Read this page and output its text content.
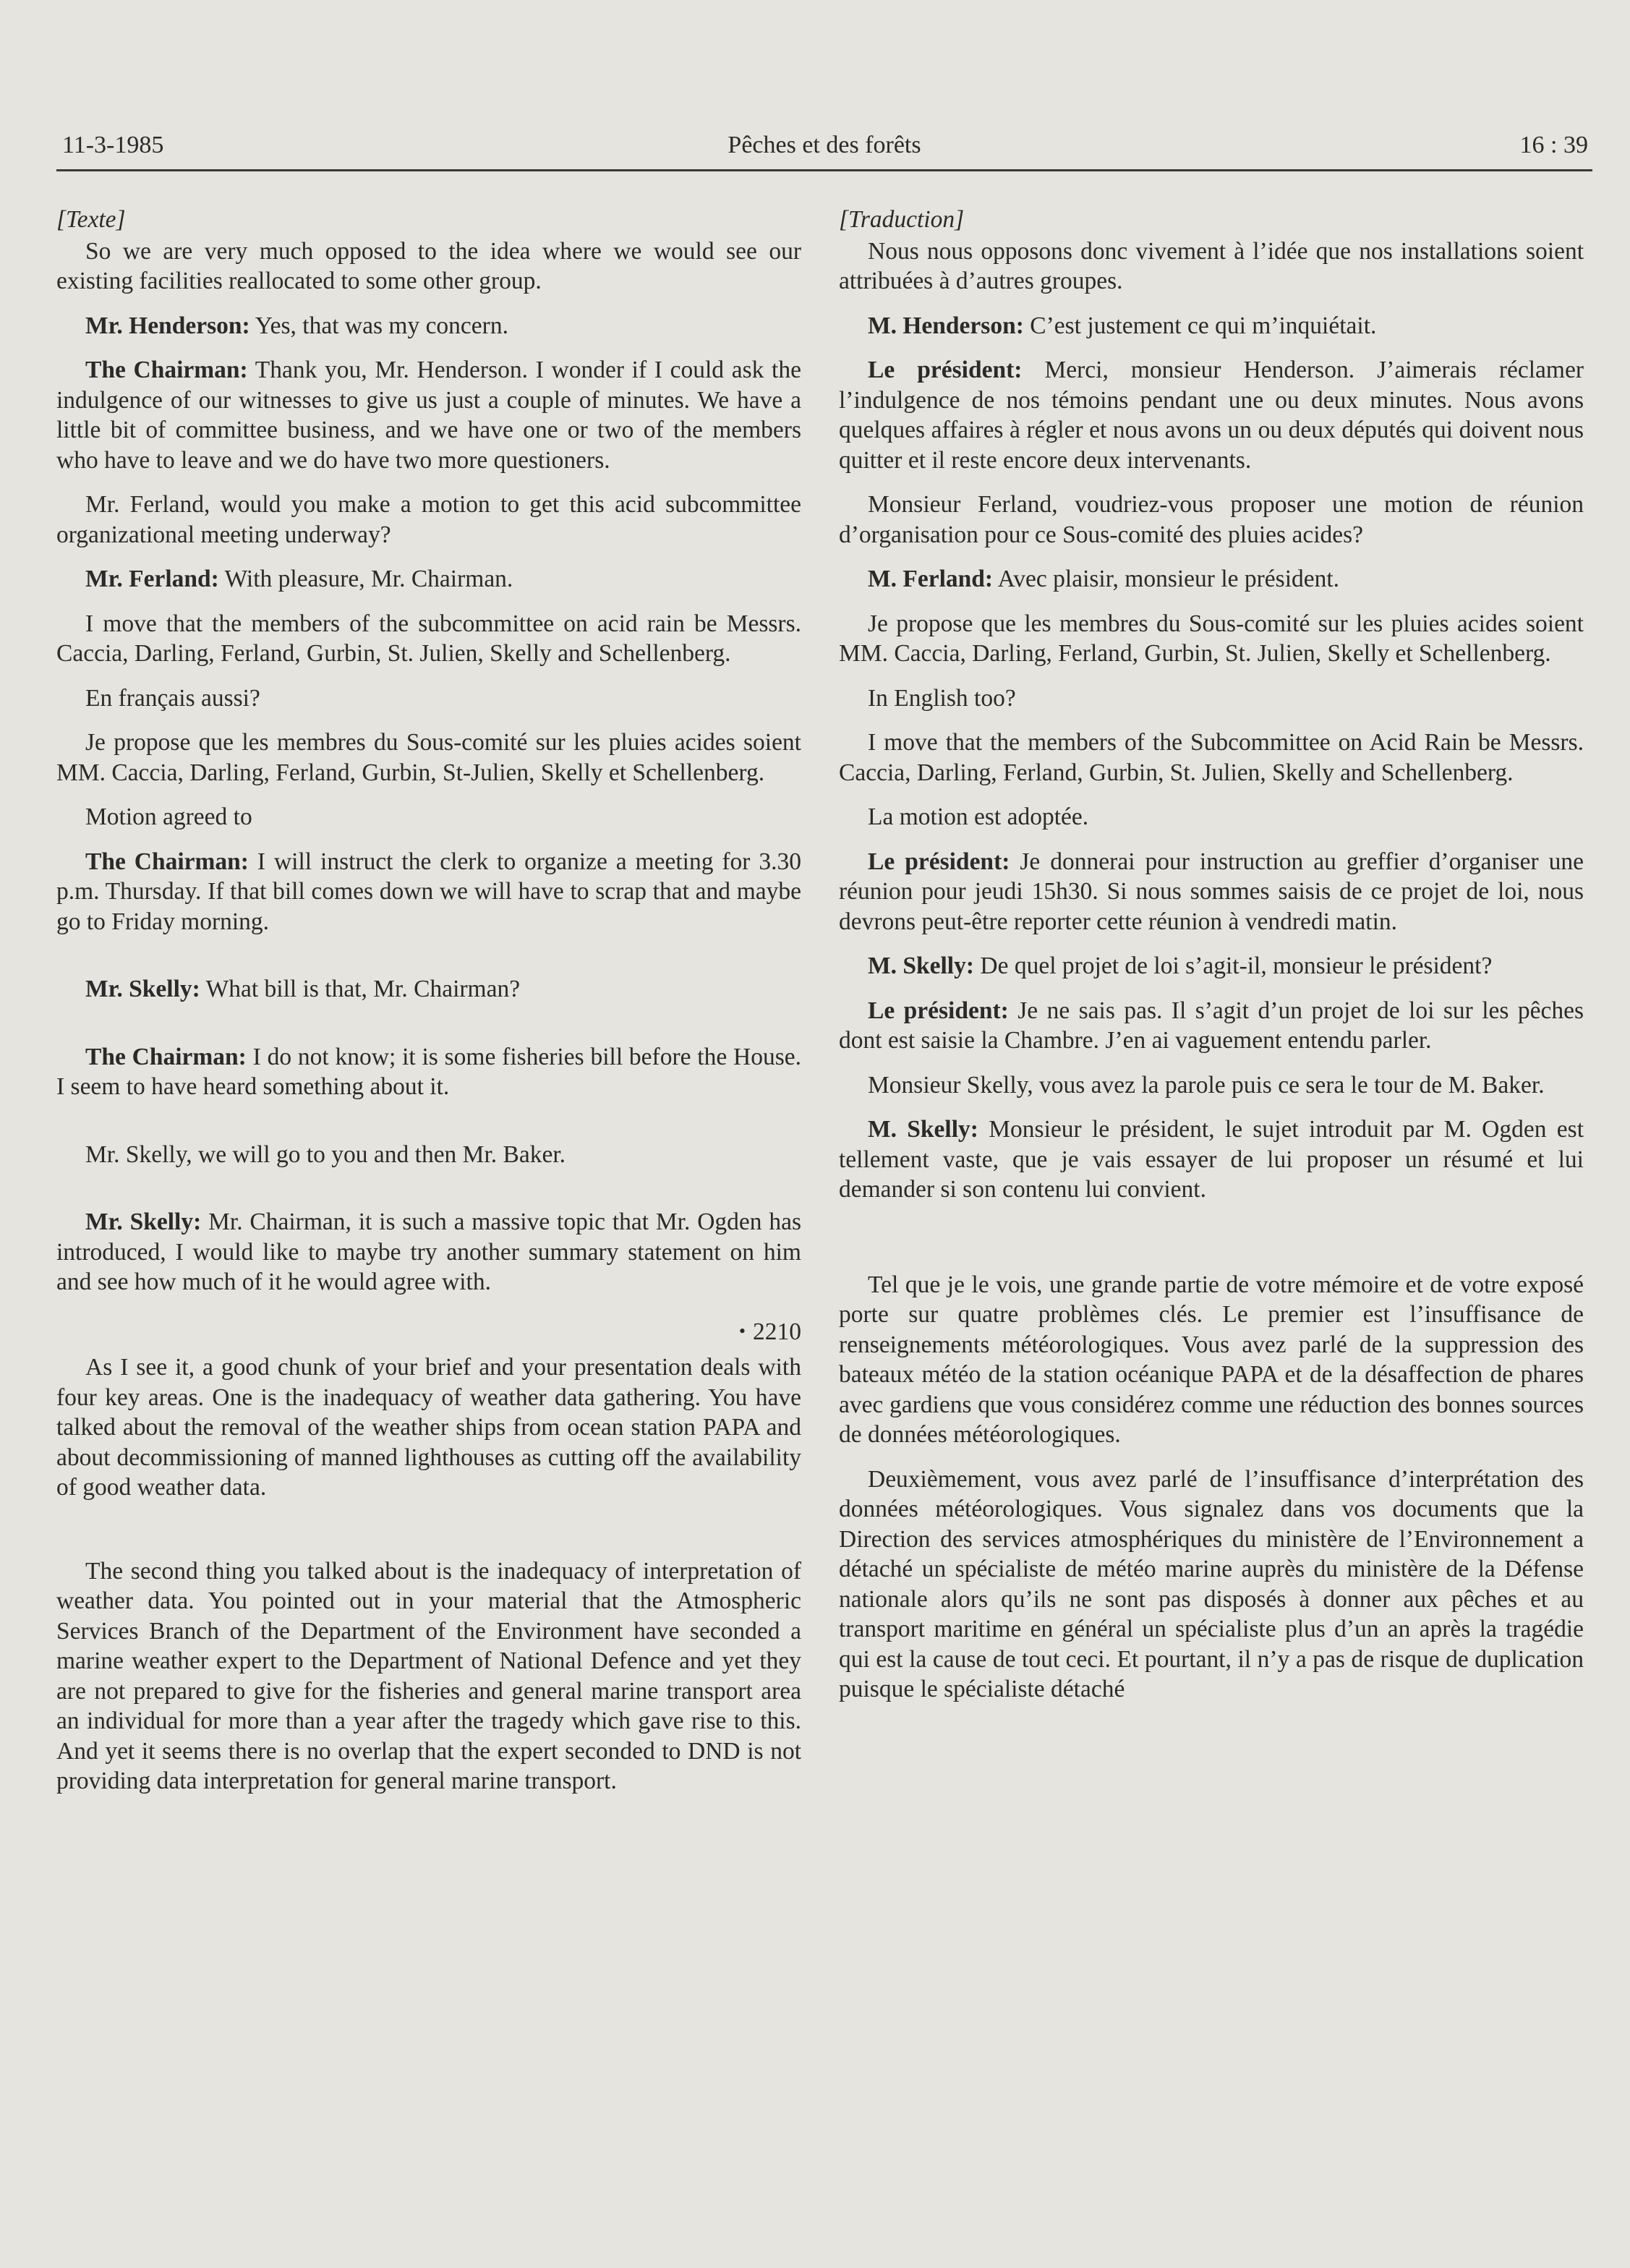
11-3-1985	Pêches et des forêts	16 : 39

[Texte]

So we are very much opposed to the idea where we would see our existing facilities reallocated to some other group.

Mr. Henderson: Yes, that was my concern.

The Chairman: Thank you, Mr. Henderson. I wonder if I could ask the indulgence of our witnesses to give us just a couple of minutes. We have a little bit of committee business, and we have one or two of the members who have to leave and we do have two more questioners.

Mr. Ferland, would you make a motion to get this acid subcommittee organizational meeting underway?

Mr. Ferland: With pleasure, Mr. Chairman.

I move that the members of the subcommittee on acid rain be Messrs. Caccia, Darling, Ferland, Gurbin, St. Julien, Skelly and Schellenberg.

En français aussi?

Je propose que les membres du Sous-comité sur les pluies acides soient MM. Caccia, Darling, Ferland, Gurbin, St-Julien, Skelly et Schellenberg.

Motion agreed to

The Chairman: I will instruct the clerk to organize a meeting for 3.30 p.m. Thursday. If that bill comes down we will have to scrap that and maybe go to Friday morning.

Mr. Skelly: What bill is that, Mr. Chairman?

The Chairman: I do not know; it is some fisheries bill before the House. I seem to have heard something about it.

Mr. Skelly, we will go to you and then Mr. Baker.

Mr. Skelly: Mr. Chairman, it is such a massive topic that Mr. Ogden has introduced, I would like to maybe try another summary statement on him and see how much of it he would agree with.

• 2210

As I see it, a good chunk of your brief and your presentation deals with four key areas. One is the inadequacy of weather data gathering. You have talked about the removal of the weather ships from ocean station PAPA and about decommissioning of manned lighthouses as cutting off the availability of good weather data.

The second thing you talked about is the inadequacy of interpretation of weather data. You pointed out in your material that the Atmospheric Services Branch of the Department of the Environment have seconded a marine weather expert to the Department of National Defence and yet they are not prepared to give for the fisheries and general marine transport area an individual for more than a year after the tragedy which gave rise to this. And yet it seems there is no overlap that the expert seconded to DND is not providing data interpretation for general marine transport.

[Traduction]

Nous nous opposons donc vivement à l’idée que nos installations soient attribuées à d’autres groupes.

M. Henderson: C’est justement ce qui m’inquiétait.

Le président: Merci, monsieur Henderson. J’aimerais réclamer l’indulgence de nos témoins pendant une ou deux minutes. Nous avons quelques affaires à régler et nous avons un ou deux députés qui doivent nous quitter et il reste encore deux intervenants.

Monsieur Ferland, voudriez-vous proposer une motion de réunion d’organisation pour ce Sous-comité des pluies acides?

M. Ferland: Avec plaisir, monsieur le président.

Je propose que les membres du Sous-comité sur les pluies acides soient MM. Caccia, Darling, Ferland, Gurbin, St. Julien, Skelly et Schellenberg.

In English too?

I move that the members of the Subcommittee on Acid Rain be Messrs. Caccia, Darling, Ferland, Gurbin, St. Julien, Skelly and Schellenberg.

La motion est adoptée.

Le président: Je donnerai pour instruction au greffier d’organiser une réunion pour jeudi 15h30. Si nous sommes saisis de ce projet de loi, nous devrons peut-être reporter cette réunion à vendredi matin.

M. Skelly: De quel projet de loi s’agit-il, monsieur le président?

Le président: Je ne sais pas. Il s’agit d’un projet de loi sur les pêches dont est saisie la Chambre. J’en ai vaguement entendu parler.

Monsieur Skelly, vous avez la parole puis ce sera le tour de M. Baker.

M. Skelly: Monsieur le président, le sujet introduit par M. Ogden est tellement vaste, que je vais essayer de lui proposer un résumé et lui demander si son contenu lui convient.

Tel que je le vois, une grande partie de votre mémoire et de votre exposé porte sur quatre problèmes clés. Le premier est l’insuffisance de renseignements météorologiques. Vous avez parlé de la suppression des bateaux météo de la station océanique PAPA et de la désaffection de phares avec gardiens que vous considérez comme une réduction des bonnes sources de données météorologiques.

Deuxièmement, vous avez parlé de l’insuffisance d’interprétation des données météorologiques. Vous signalez dans vos documents que la Direction des services atmosphériques du ministère de l’Environnement a détaché un spécialiste de météo marine auprès du ministère de la Défense nationale alors qu’ils ne sont pas disposés à donner aux pêches et au transport maritime en général un spécialiste plus d’un an après la tragédie qui est la cause de tout ceci. Et pourtant, il n’y a pas de risque de duplication puisque le spécialiste détaché
